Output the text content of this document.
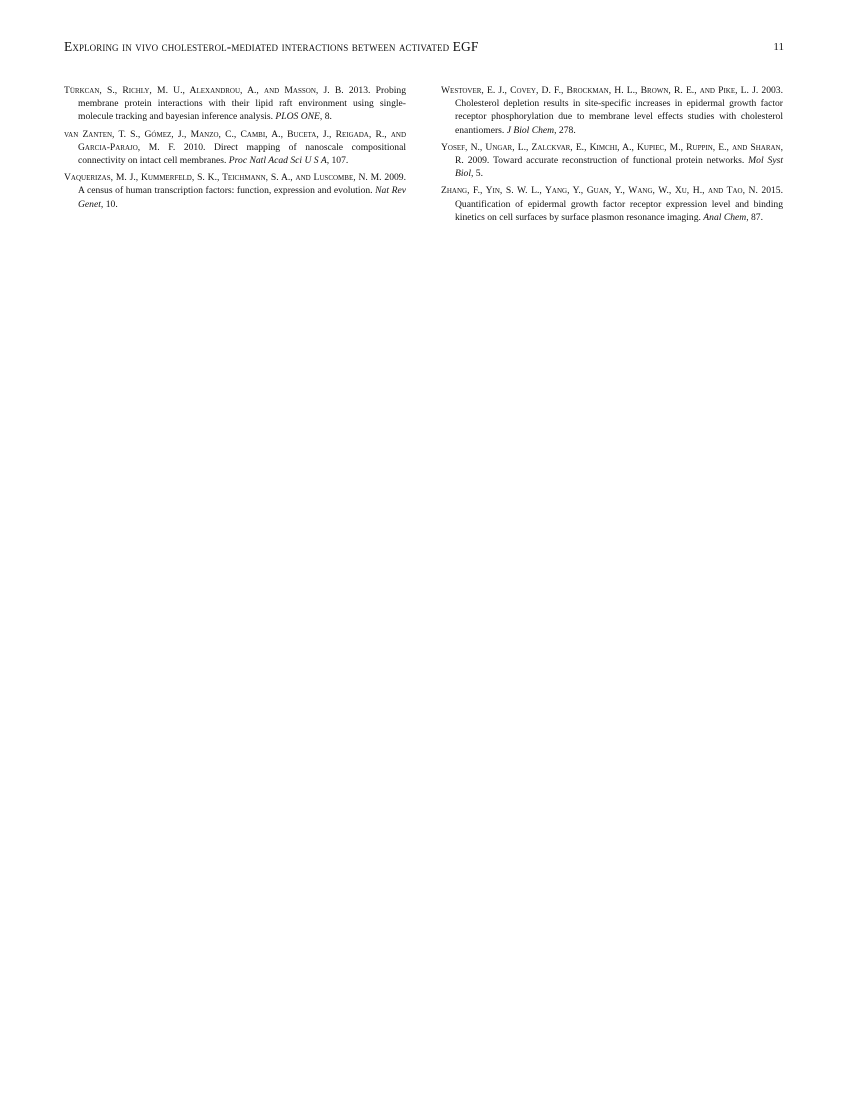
Exploring in vivo cholesterol-mediated interactions between activated EGF	11

Türkcan, S., Richly, M. U., Alexandrou, A., and Masson, J. B. 2013. Probing membrane protein interactions with their lipid raft environment using single-molecule tracking and bayesian inference analysis. PLOS ONE, 8.

van Zanten, T. S., Gómez, J., Manzo, C., Cambi, A., Buceta, J., Reigada, R., and Garcia-Parajo, M. F. 2010. Direct mapping of nanoscale compositional connectivity on intact cell membranes. Proc Natl Acad Sci U S A, 107.

Vaquerizas, M. J., Kummerfeld, S. K., Teichmann, S. A., and Luscombe, N. M. 2009. A census of human transcription factors: function, expression and evolution. Nat Rev Genet, 10.

Westover, E. J., Covey, D. F., Brockman, H. L., Brown, R. E., and Pike, L. J. 2003. Cholesterol depletion results in site-specific increases in epidermal growth factor receptor phosphorylation due to membrane level effects studies with cholesterol enantiomers. J Biol Chem, 278.

Yosef, N., Ungar, L., Zalckvar, E., Kimchi, A., Kupiec, M., Ruppin, E., and Sharan, R. 2009. Toward accurate reconstruction of functional protein networks. Mol Syst Biol, 5.

Zhang, F., Yin, S. W. L., Yang, Y., Guan, Y., Wang, W., Xu, H., and Tao, N. 2015. Quantification of epidermal growth factor receptor expression level and binding kinetics on cell surfaces by surface plasmon resonance imaging. Anal Chem, 87.
